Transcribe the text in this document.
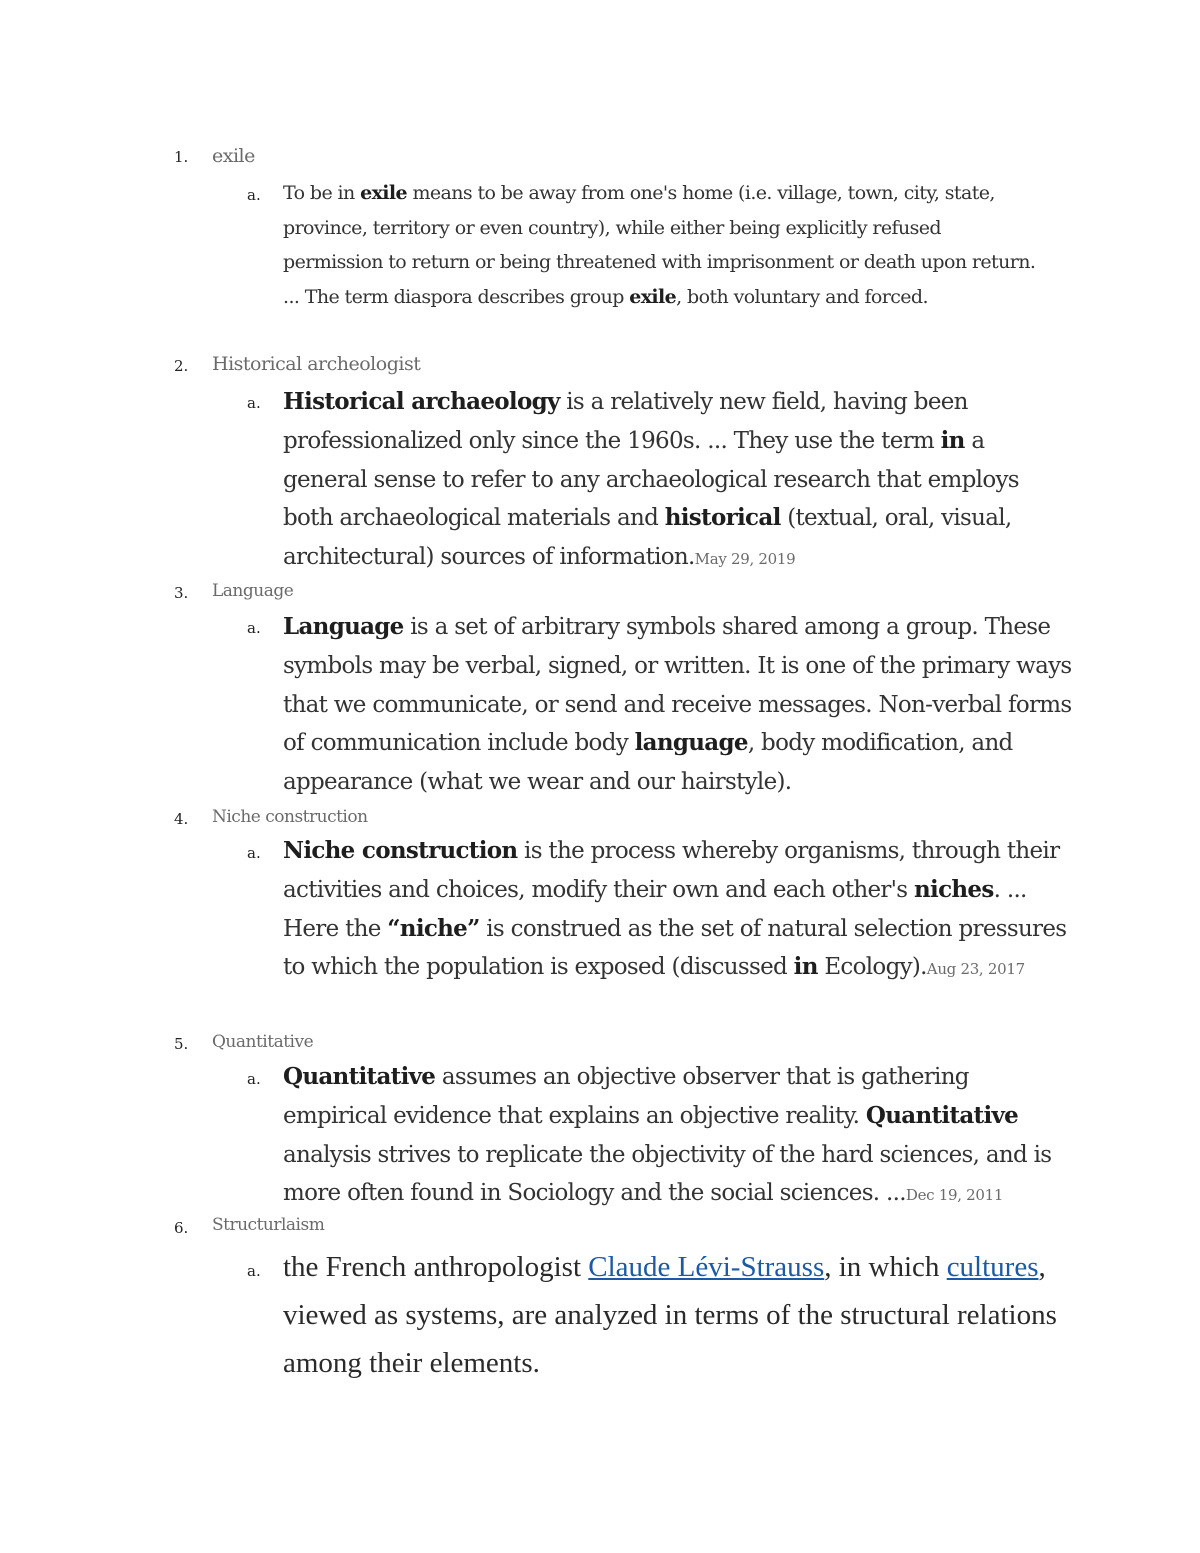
1. exile
a. To be in exile means to be away from one's home (i.e. village, town, city, state, province, territory or even country), while either being explicitly refused permission to return or being threatened with imprisonment or death upon return. ... The term diaspora describes group exile, both voluntary and forced.

2. Historical archeologist
a. Historical archaeology is a relatively new field, having been professionalized only since the 1960s. ... They use the term in a general sense to refer to any archaeological research that employs both archaeological materials and historical (textual, oral, visual, architectural) sources of information.May 29, 2019

3. Language
a. Language is a set of arbitrary symbols shared among a group. These symbols may be verbal, signed, or written. It is one of the primary ways that we communicate, or send and receive messages. Non-verbal forms of communication include body language, body modification, and appearance (what we wear and our hairstyle).

4. Niche construction
a. Niche construction is the process whereby organisms, through their activities and choices, modify their own and each other's niches. ... Here the “niche” is construed as the set of natural selection pressures to which the population is exposed (discussed in Ecology).Aug 23, 2017

5. Quantitative
a. Quantitative assumes an objective observer that is gathering empirical evidence that explains an objective reality. Quantitative analysis strives to replicate the objectivity of the hard sciences, and is more often found in Sociology and the social sciences. ...Dec 19, 2011

6. Structurlaism
a. the French anthropologist Claude Lévi-Strauss, in which cultures, viewed as systems, are analyzed in terms of the structural relations among their elements.
